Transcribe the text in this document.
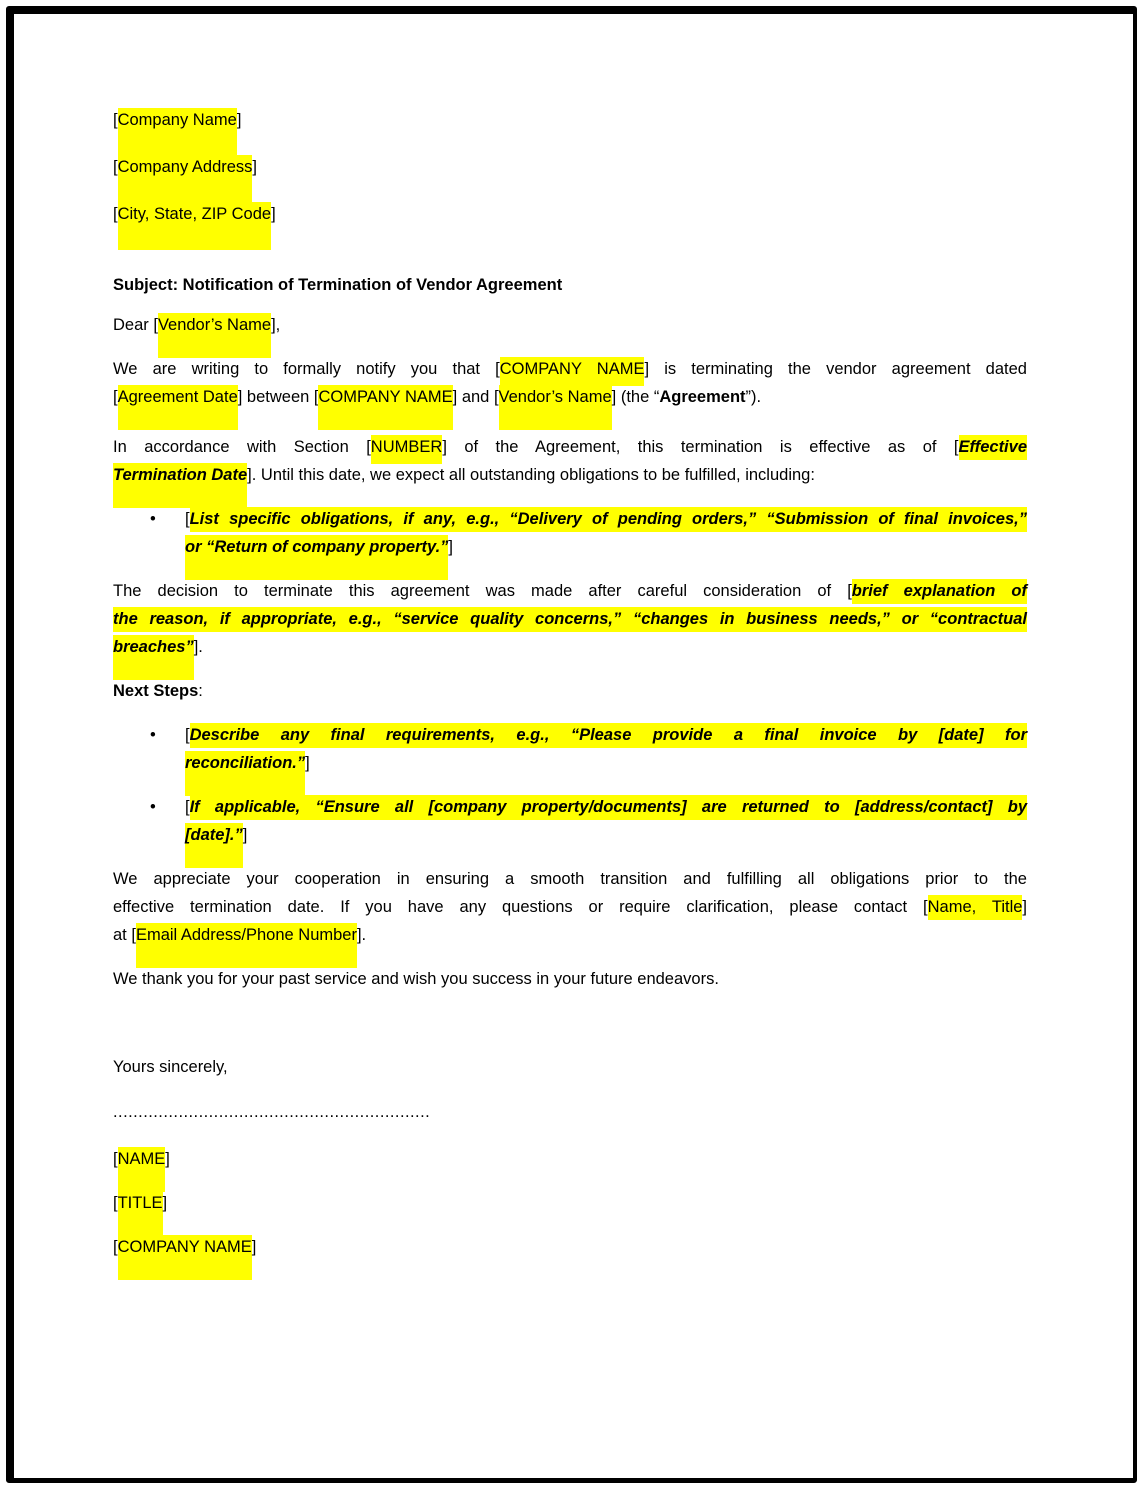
[Company Name]
[Company Address]
[City, State, ZIP Code]
Subject: Notification of Termination of Vendor Agreement
Dear [Vendor’s Name],
We are writing to formally notify you that [COMPANY NAME] is terminating the vendor agreement dated
[Agreement Date] between [COMPANY NAME] and [Vendor’s Name] (the “Agreement”).
In accordance with Section [NUMBER] of the Agreement, this termination is effective as of [Effective
Termination Date]. Until this date, we expect all outstanding obligations to be fulfilled, including:
•	[List specific obligations, if any, e.g., “Delivery of pending orders,” “Submission of final invoices,”
or “Return of company property.”]
The decision to terminate this agreement was made after careful consideration of [brief explanation of
the reason, if appropriate, e.g., “service quality concerns,” “changes in business needs,” or “contractual
breaches”].
Next Steps:
•	[Describe any final requirements, e.g., “Please provide a final invoice by [date] for
reconciliation.”]
•	[If applicable, “Ensure all [company property/documents] are returned to [address/contact] by
[date].”]
We appreciate your cooperation in ensuring a smooth transition and fulfilling all obligations prior to the
effective termination date. If you have any questions or require clarification, please contact [Name, Title]
at [Email Address/Phone Number].
We thank you for your past service and wish you success in your future endeavors.
Yours sincerely,
...............................................................
[NAME]
[TITLE]
[COMPANY NAME]
